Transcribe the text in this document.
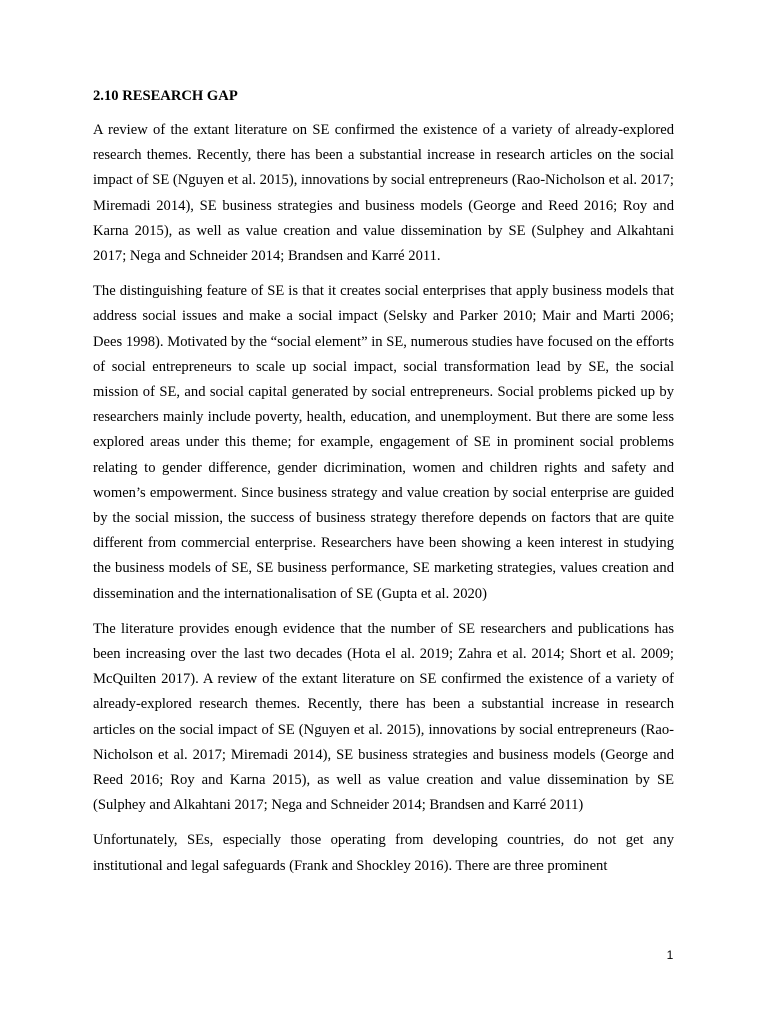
2.10 RESEARCH GAP

A review of the extant literature on SE confirmed the existence of a variety of already-explored research themes. Recently, there has been a substantial increase in research articles on the social impact of SE (Nguyen et al. 2015), innovations by social entrepreneurs (Rao-Nicholson et al. 2017; Miremadi 2014), SE business strategies and business models (George and Reed 2016; Roy and Karna 2015), as well as value creation and value dissemination by SE (Sulphey and Alkahtani 2017; Nega and Schneider 2014; Brandsen and Karré 2011.

The distinguishing feature of SE is that it creates social enterprises that apply business models that address social issues and make a social impact (Selsky and Parker 2010; Mair and Marti 2006; Dees 1998). Motivated by the “social element” in SE, numerous studies have focused on the efforts of social entrepreneurs to scale up social impact, social transformation lead by SE, the social mission of SE, and social capital generated by social entrepreneurs. Social problems picked up by researchers mainly include poverty, health, education, and unemployment. But there are some less explored areas under this theme; for example, engagement of SE in prominent social problems relating to gender difference, gender dicrimination, women and children rights and safety and women’s empowerment. Since business strategy and value creation by social enterprise are guided by the social mission, the success of business strategy therefore depends on factors that are quite different from commercial enterprise. Researchers have been showing a keen interest in studying the business models of SE, SE business performance, SE marketing strategies, values creation and dissemination and the internationalisation of SE (Gupta et al. 2020)

The literature provides enough evidence that the number of SE researchers and publications has been increasing over the last two decades (Hota el al. 2019; Zahra et al. 2014; Short et al. 2009; McQuilten 2017). A review of the extant literature on SE confirmed the existence of a variety of already-explored research themes. Recently, there has been a substantial increase in research articles on the social impact of SE (Nguyen et al. 2015), innovations by social entrepreneurs (Rao-Nicholson et al. 2017; Miremadi 2014), SE business strategies and business models (George and Reed 2016; Roy and Karna 2015), as well as value creation and value dissemination by SE (Sulphey and Alkahtani 2017; Nega and Schneider 2014; Brandsen and Karré 2011)

Unfortunately, SEs, especially those operating from developing countries, do not get any institutional and legal safeguards (Frank and Shockley 2016). There are three prominent

1
